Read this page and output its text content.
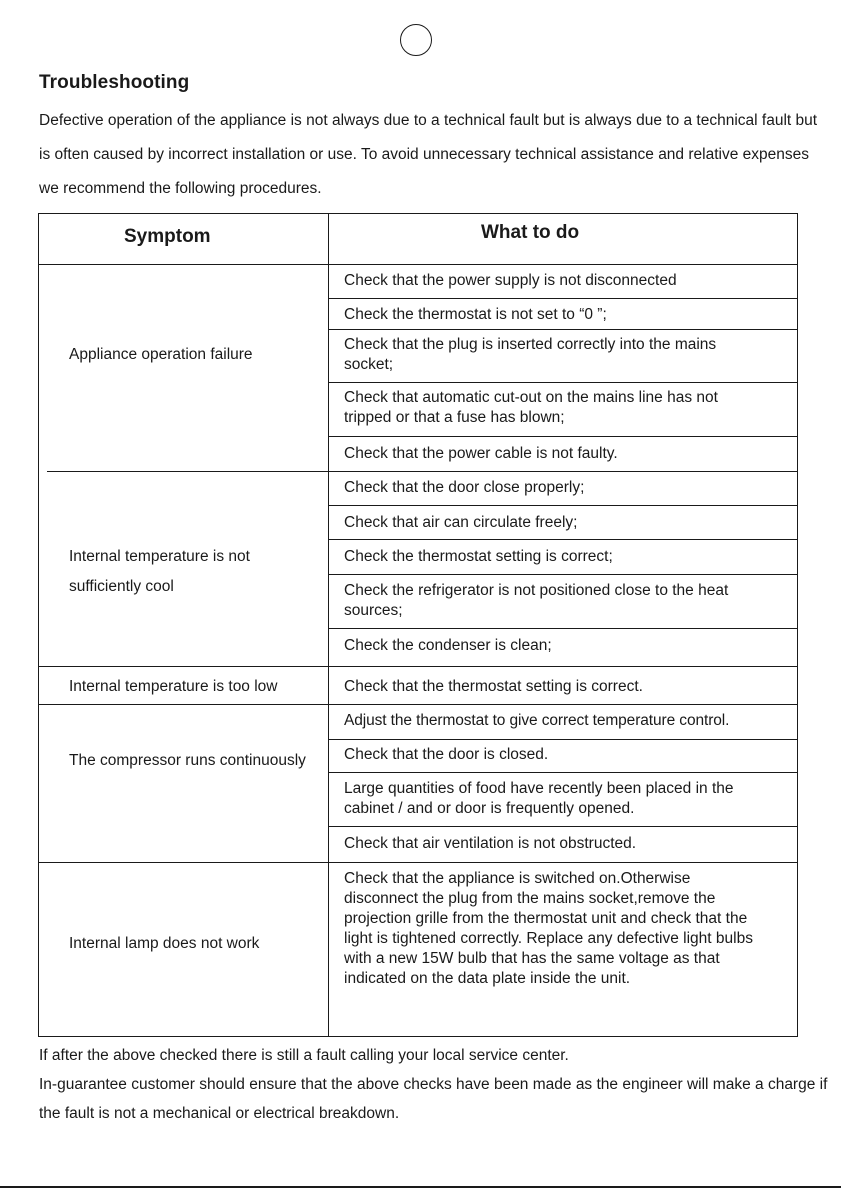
Troubleshooting

Defective operation of the appliance is not always due to a technical fault but is always due to a technical fault but is often caused by incorrect installation or use. To avoid unnecessary technical assistance and relative expenses we recommend the following procedures.

Symptom	What to do
Appliance operation failure
Check that the power supply is not disconnected
Check the thermostat is not set to “0 ”;
Check that the plug is inserted correctly into the mains socket;
Check that automatic cut-out on the mains line has not tripped or that a fuse has blown;
Check that the power cable is not faulty.
Internal temperature is not sufficiently cool
Check that the door close properly;
Check that air can circulate freely;
Check the thermostat setting is correct;
Check the refrigerator is not positioned close to the heat sources;
Check the condenser is clean;
Internal temperature is too low	Check that the thermostat setting is correct.
The compressor runs continuously
Adjust the thermostat to give correct temperature control.
Check that the door is closed.
Large quantities of food have recently been placed in the cabinet / and or door is frequently opened.
Check that air ventilation is not obstructed.
Internal lamp does not work
Check that the appliance is switched on.Otherwise disconnect the plug from the mains socket,remove the projection grille from the thermostat unit and check that the light is tightened correctly. Replace any defective light bulbs with a new 15W bulb that has the same voltage as that indicated on the data plate inside the unit.
If after the above checked there is still a fault calling your local service center.
In-guarantee customer should ensure that the above checks have been made as the engineer will make a charge if the fault is not a mechanical or electrical breakdown.
